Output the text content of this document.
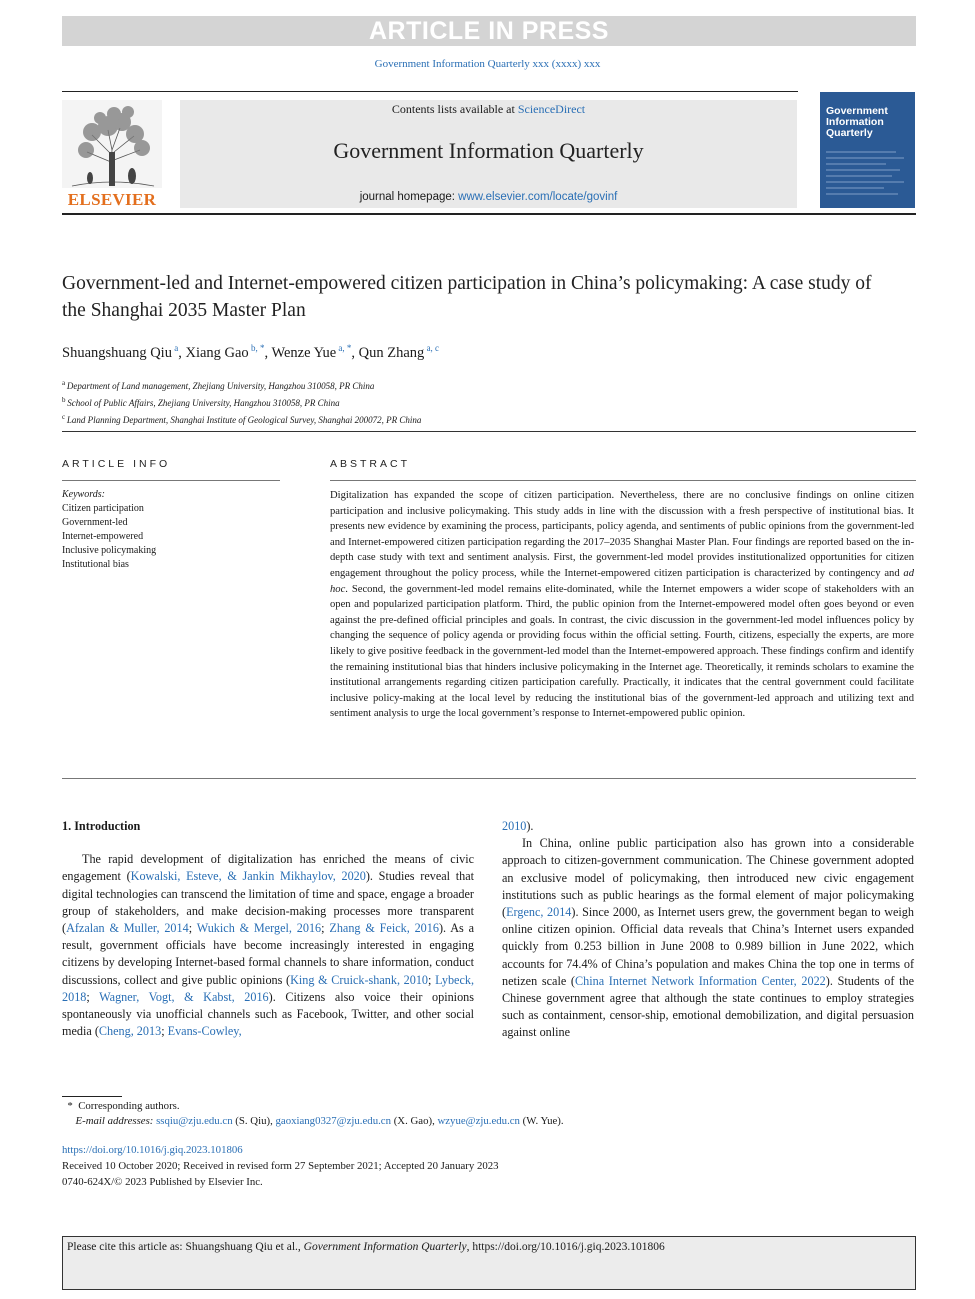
ARTICLE IN PRESS
Government Information Quarterly xxx (xxxx) xxx
ELSEVIER
Contents lists available at ScienceDirect
Government Information Quarterly
journal homepage: www.elsevier.com/locate/govinf
Government Information Quarterly
Government-led and Internet-empowered citizen participation in China’s policymaking: A case study of the Shanghai 2035 Master Plan
Shuangshuang Qiu $^a$, Xiang Gao $^{b, *}$, Wenze Yue $^{a, *}$, Qun Zhang $^{a, c}$
$^a$ Department of Land management, Zhejiang University, Hangzhou 310058, PR China
$^b$ School of Public Affairs, Zhejiang University, Hangzhou 310058, PR China
$^c$ Land Planning Department, Shanghai Institute of Geological Survey, Shanghai 200072, PR China
ARTICLE INFO	ABSTRACT
Keywords:
Citizen participation
Government-led
Internet-empowered
Inclusive policymaking
Institutional bias
Digitalization has expanded the scope of citizen participation. Nevertheless, there are no conclusive findings on online citizen participation and inclusive policymaking. This study adds in line with the discussion with a fresh perspective of institutional bias. It presents new evidence by examining the process, participants, policy agenda, and sentiments of public opinions from the government-led and Internet-empowered citizen participation regarding the 2017–2035 Shanghai Master Plan. Four findings are reported based on the in-depth case study with text and sentiment analysis. First, the government-led model provides institutionalized opportunities for citizen engagement throughout the policy process, while the Internet-empowered citizen participation is characterized by contingency and ad hoc. Second, the government-led model remains elite-dominated, while the Internet empowers a wider scope of stakeholders with an open and popularized participation platform. Third, the public opinion from the Internet-empowered model often goes beyond or even against the pre-defined official principles and goals. In contrast, the civic discussion in the government-led model influences policy by changing the sequence of policy agenda or providing focus within the official setting. Fourth, citizens, especially the experts, are more likely to give positive feedback in the government-led model than the Internet-empowered approach. These findings confirm and identify the remaining institutional bias that hinders inclusive policymaking in the Internet age. Theoretically, it reminds scholars to examine the institutional arrangements regarding citizen participation carefully. Practically, it indicates that the central government could facilitate inclusive policy-making at the local level by reducing the institutional bias of the government-led approach and utilizing text and sentiment analysis to urge the local government’s response to Internet-empowered public opinion.

1. Introduction

The rapid development of digitalization has enriched the means of civic engagement (Kowalski, Esteve, & Jankin Mikhaylov, 2020). Studies reveal that digital technologies can transcend the limitation of time and space, engage a broader group of stakeholders, and make decision-making processes more transparent (Afzalan & Muller, 2014; Wukich & Mergel, 2016; Zhang & Feick, 2016). As a result, government officials have become increasingly interested in engaging citizens by developing Internet-based formal channels to share information, conduct discussions, collect and give public opinions (King & Cruick-shank, 2010; Lybeck, 2018; Wagner, Vogt, & Kabst, 2016). Citizens also voice their opinions spontaneously via unofficial channels such as Facebook, Twitter, and other social media (Cheng, 2013; Evans-Cowley,

2010).

In China, online public participation also has grown into a considerable approach to citizen-government communication. The Chinese government adopted an exclusive model of policymaking, then introduced new civic engagement institutions such as public hearings as the formal element of major policymaking (Ergenc, 2014). Since 2000, as Internet users grew, the government began to weigh online citizen opinion. Official data reveals that China’s Internet users expanded quickly from 0.253 billion in June 2008 to 0.989 billion in June 2022, which accounts for 74.4% of China’s population and makes China the top one in terms of netizen scale (China Internet Network Information Center, 2022). Students of the Chinese government agree that although the state continues to employ strategies such as containment, censor-ship, emotional demobilization, and digital persuasion against online

*  Corresponding authors.
E-mail addresses: ssqiu@zju.edu.cn (S. Qiu), gaoxiang0327@zju.edu.cn (X. Gao), wzyue@zju.edu.cn (W. Yue).
https://doi.org/10.1016/j.giq.2023.101806
Received 10 October 2020; Received in revised form 27 September 2021; Accepted 20 January 2023
0740-624X/© 2023 Published by Elsevier Inc.
Please cite this article as: Shuangshuang Qiu et al., Government Information Quarterly, https://doi.org/10.1016/j.giq.2023.101806
